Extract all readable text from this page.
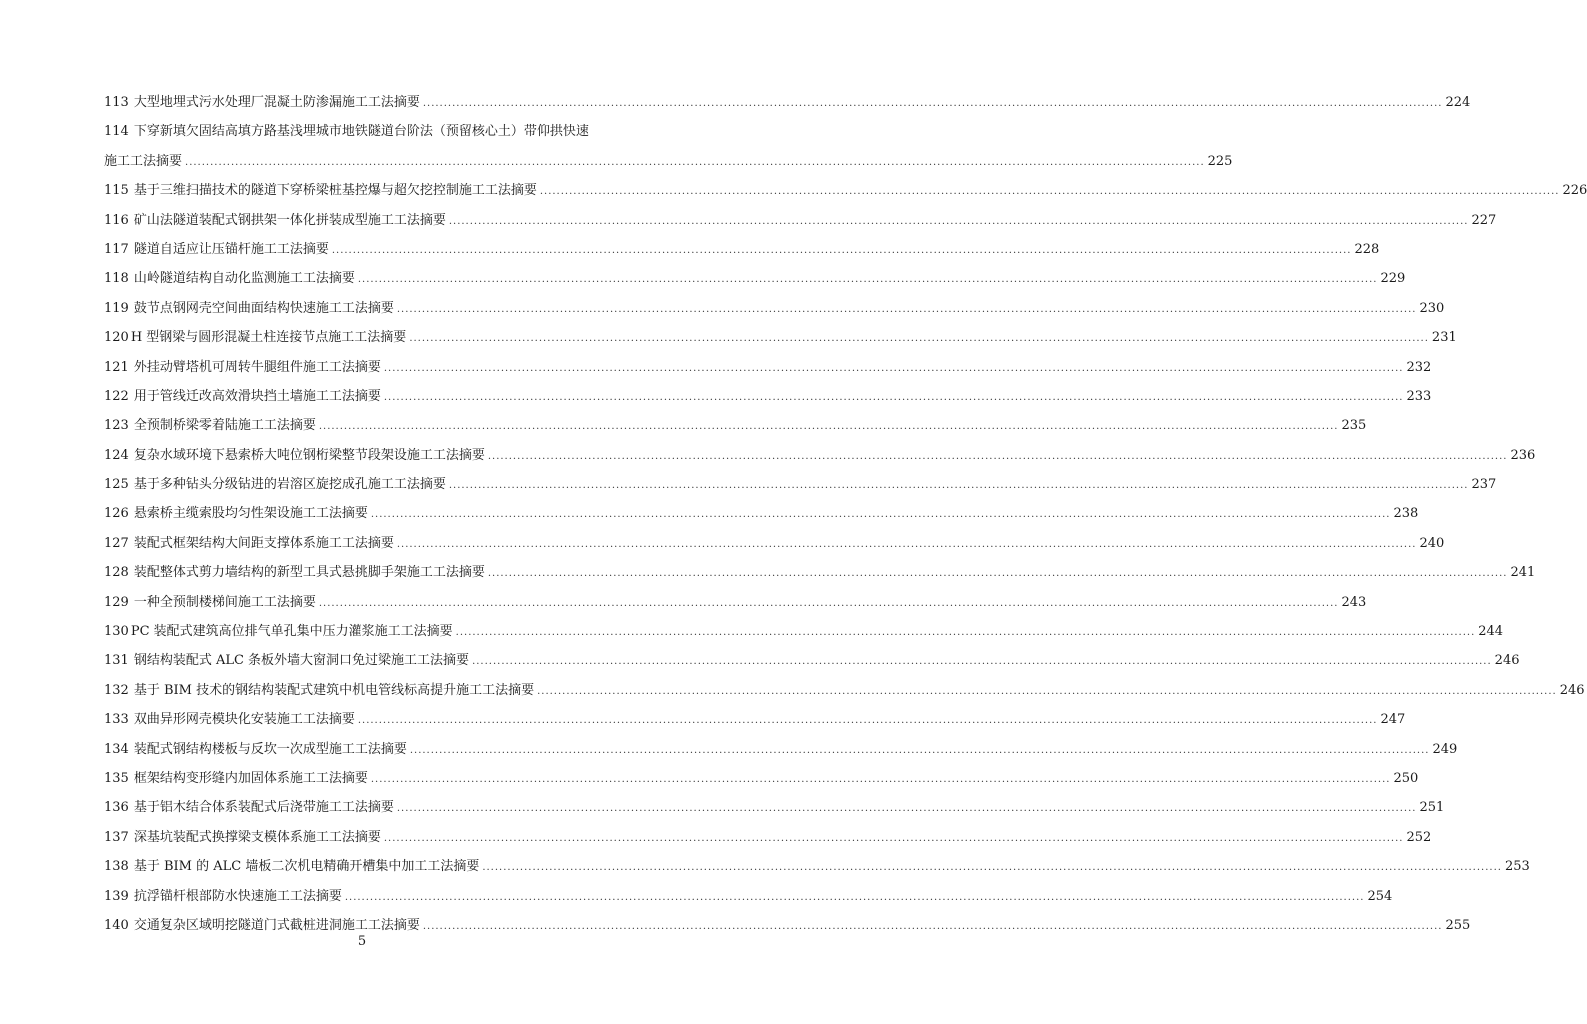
113 大型地埋式污水处理厂混凝土防渗漏施工工法摘要 .....	224
114 下穿新填欠固结高填方路基浅埋城市地铁隧道台阶法（预留核心土）带仰拱快速
施工工法摘要 .....	225
115 基于三维扫描技术的隧道下穿桥梁桩基控爆与超欠挖控制施工工法摘要 .....	226
116 矿山法隧道装配式钢拱架一体化拼装成型施工工法摘要 .....	227
117 隧道自适应让压锚杆施工工法摘要 .....	228
118 山岭隧道结构自动化监测施工工法摘要 .....	229
119 鼓节点钢网壳空间曲面结构快速施工工法摘要 .....	230
120 H 型钢梁与圆形混凝土柱连接节点施工工法摘要 .....	231
121 外挂动臂塔机可周转牛腿组件施工工法摘要 .....	232
122 用于管线迁改高效滑块挡土墙施工工法摘要 .....	233
123 全预制桥梁零着陆施工工法摘要 .....	235
124 复杂水域环境下悬索桥大吨位钢桁梁整节段架设施工工法摘要 .....	236
125 基于多种钻头分级钻进的岩溶区旋挖成孔施工工法摘要 .....	237
126 悬索桥主缆索股均匀性架设施工工法摘要 .....	238
127 装配式框架结构大间距支撑体系施工工法摘要 .....	240
128 装配整体式剪力墙结构的新型工具式悬挑脚手架施工工法摘要 .....	241
129 一种全预制楼梯间施工工法摘要 .....	243
130 PC 装配式建筑高位排气单孔集中压力灌浆施工工法摘要 .....	244
131 钢结构装配式 ALC 条板外墙大窗洞口免过梁施工工法摘要 .....	246
132 基于 BIM 技术的钢结构装配式建筑中机电管线标高提升施工工法摘要 .....	246
133 双曲异形网壳模块化安装施工工法摘要 .....	247
134 装配式钢结构楼板与反坎一次成型施工工法摘要 .....	249
135 框架结构变形缝内加固体系施工工法摘要 .....	250
136 基于铝木结合体系装配式后浇带施工工法摘要 .....	251
137 深基坑装配式换撑梁支模体系施工工法摘要 .....	252
138 基于 BIM 的 ALC 墙板二次机电精确开槽集中加工工法摘要 .....	253
139 抗浮锚杆根部防水快速施工工法摘要 .....	254
140 交通复杂区域明挖隧道门式截桩进洞施工工法摘要 .....	255
5
